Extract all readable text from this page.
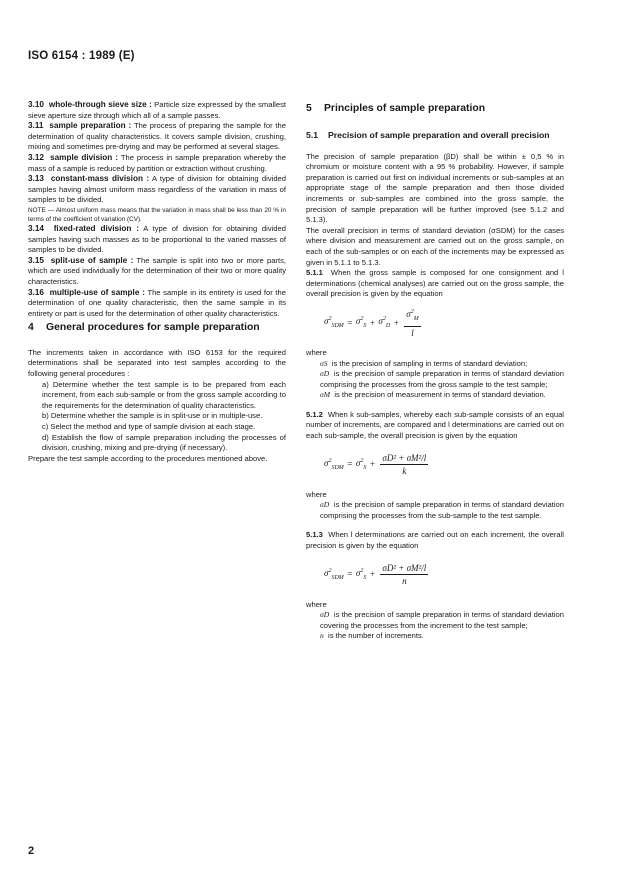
ISO 6154 : 1989 (E)

3.10 whole-through sieve size : Particle size expressed by the smallest sieve aperture size through which all of a sample passes.

3.11 sample preparation : The process of preparing the sample for the determination of quality characteristics. It covers sample division, crushing, mixing and sometimes pre-drying and may be performed at several stages.

3.12 sample division : The process in sample preparation whereby the mass of a sample is reduced by partition or extraction without crushing.

3.13 constant-mass division : A type of division for obtaining divided samples having almost uniform mass regardless of the variation in mass of samples to be divided.

NOTE — Almost uniform mass means that the variation in mass shall be less than 20 % in terms of the coefficient of variation (CV).

3.14 fixed-rated division : A type of division for obtaining divided samples having such masses as to be proportional to the varied masses of samples to be divided.

3.15 split-use of sample : The sample is split into two or more parts, which are used individually for the determination of their two or more quality characteristics.

3.16 multiple-use of sample : The sample in its entirety is used for the determination of one quality characteristic, then the same sample in its entirety or part is used for the determination of other quality characteristics.

4 General procedures for sample preparation

The increments taken in accordance with ISO 6153 for the required determinations shall be separated into test samples according to the following general procedures :

a) Determine whether the test sample is to be prepared from each increment, from each sub-sample or from the gross sample according to the requirements for the determination of quality characteristics.

b) Determine whether the sample is in split-use or in multiple-use.

c) Select the method and type of sample division at each stage.

d) Establish the flow of sample preparation including the processes of division, crushing, mixing and pre-drying (if necessary).

Prepare the test sample according to the procedures mentioned above.

5 Principles of sample preparation
5.1 Precision of sample preparation and overall precision

The precision of sample preparation (βD) shall be within ± 0,5 % in chromium or moisture content with a 95 % probability. However, if sample preparation is carried out first on individual increments or sub-samples at an appropriate stage of the sample preparation and then those divided increments or sub-samples are combined into the gross sample, the precision of sample preparation will be further improved (see 5.1.2 and 5.1.3).

The overall precision in terms of standard deviation (σSDM) for the cases where division and measurement are carried out on the gross sample, on each of the sub-samples or on each of the increments may be expressed as given in 5.1.1 to 5.1.3.

5.1.1 When the gross sample is composed for one consignment and l determinations (chemical analyses) are carried out on the gross sample, the overall precision is given by the equation

$\sigma^2_{SDM} = \sigma^2_S + \sigma^2_D + \frac{\sigma^2_M}{l}$

where

σS is the precision of sampling in terms of standard deviation;

σD is the precision of sample preparation in terms of standard deviation comprising the processes from the gross sample to the test sample;

σM is the precision of measurement in terms of standard deviation.

5.1.2 When k sub-samples, whereby each sub-sample consists of an equal number of increments, are compared and l determinations are carried out on each sub-sample, the overall precision is given by the equation

$\sigma^2_{SDM} = \sigma^2_S + \frac{\text{σD² + σM²/l}}{k}$

where

σD is the precision of sample preparation in terms of standard deviation comprising the processes from the sub-sample to the test sample.

5.1.3 When l determinations are carried out on each increment, the overall precision is given by the equation

$\sigma^2_{SDM} = \sigma^2_S + \frac{\text{σD² + σM²/l}}{n}$

where

σD is the precision of sample preparation in terms of standard deviation covering the processes from the increment to the test sample;

n is the number of increments.

2
